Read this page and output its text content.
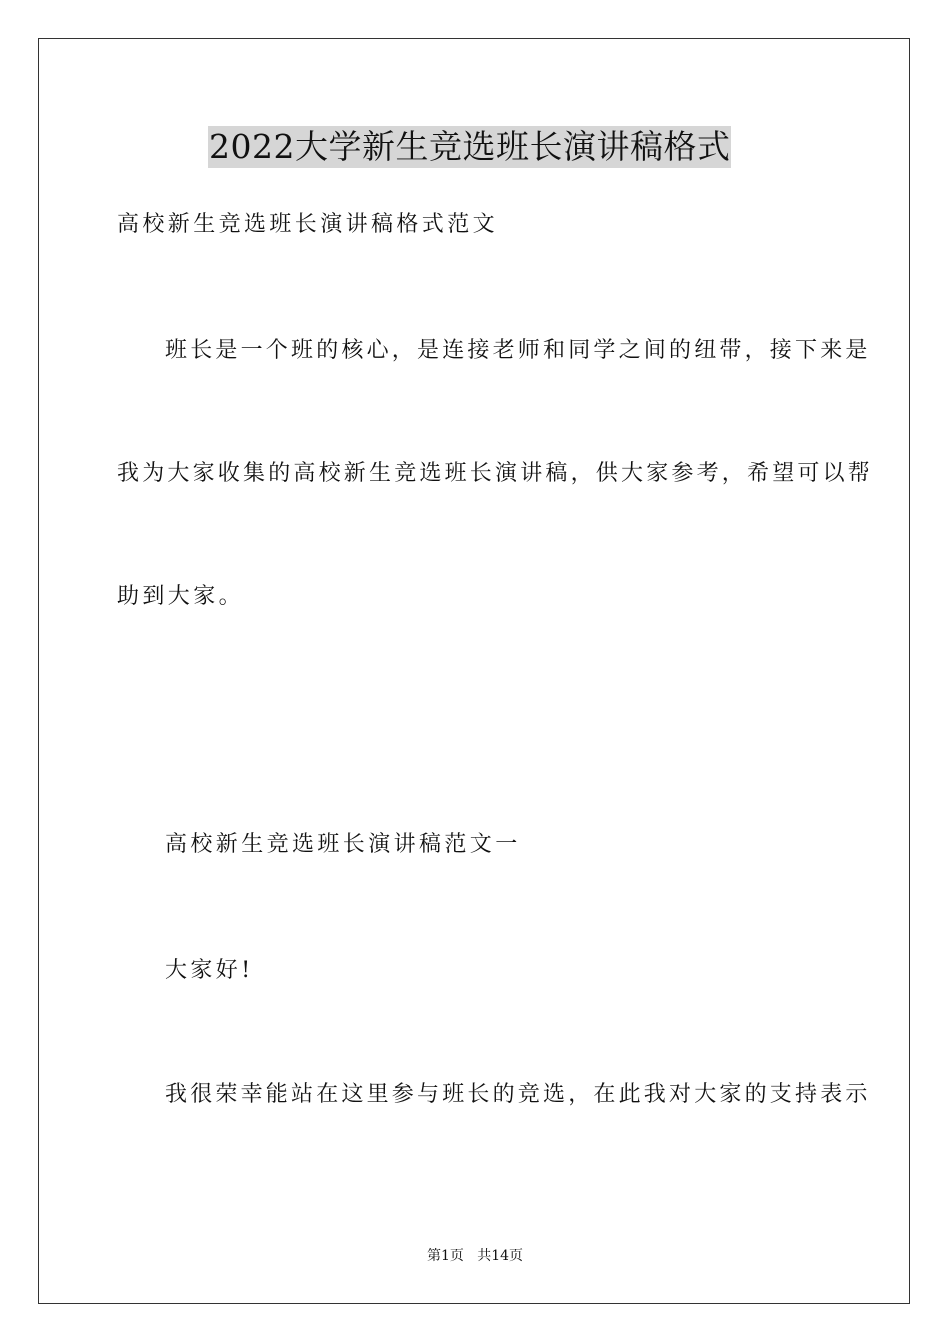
2022大学新生竞选班长演讲稿格式
高校新生竞选班长演讲稿格式范文
班长是一个班的核心，是连接老师和同学之间的纽带，接下来是
我为大家收集的高校新生竞选班长演讲稿，供大家参考，希望可以帮
助到大家。
高校新生竞选班长演讲稿范文一
大家好!
我很荣幸能站在这里参与班长的竞选，在此我对大家的支持表示
第1页   共14页
